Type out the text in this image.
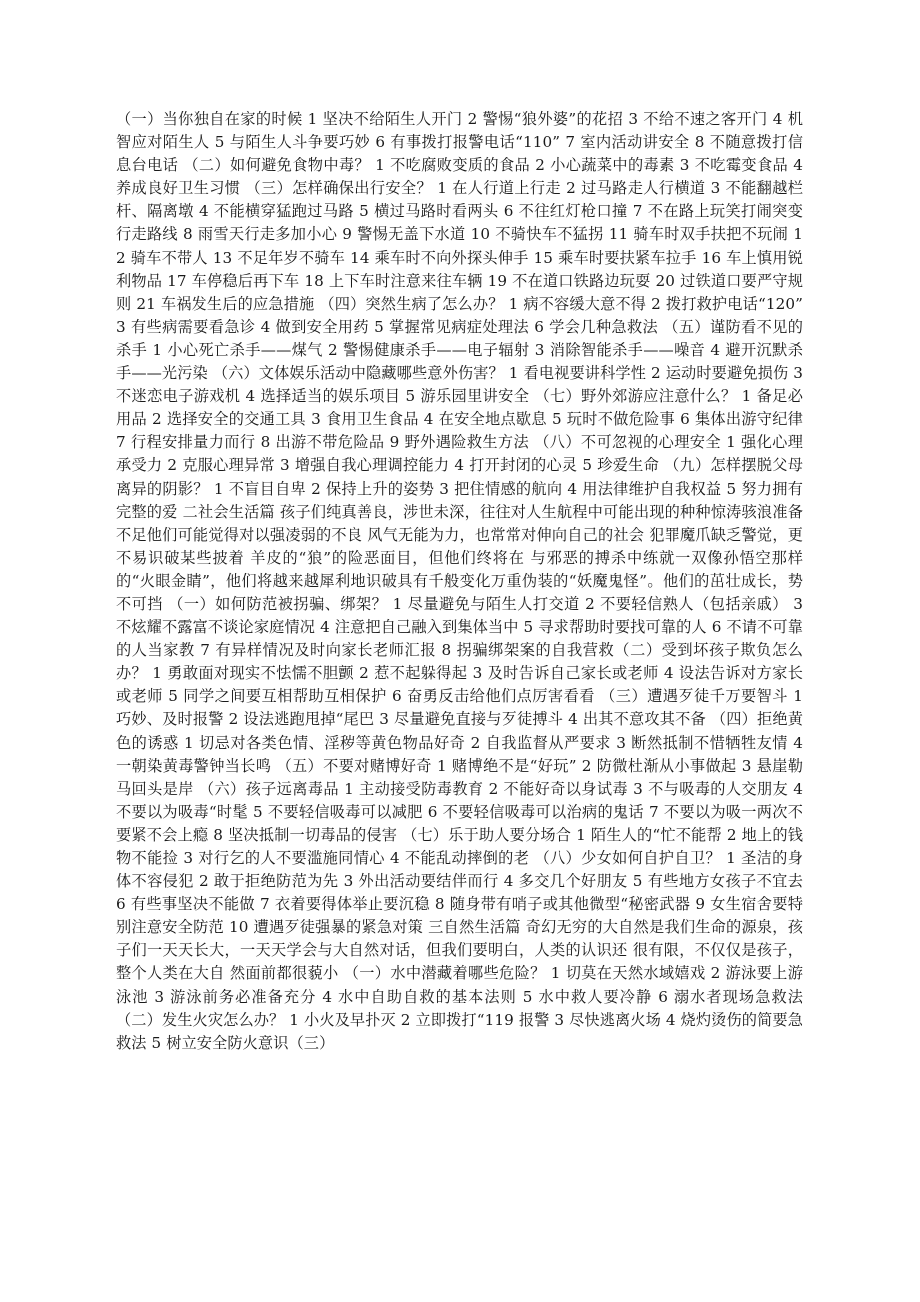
（一）当你独自在家的时候 1 坚决不给陌生人开门 2 警惕“狼外婆”的花招 3 不给不速之客开门 4 机智应对陌生人 5 与陌生人斗争要巧妙 6 有事拨打报警电话“110” 7 室内活动讲安全 8 不随意拨打信息台电话 （二）如何避免食物中毒？ 1 不吃腐败变质的食品 2 小心蔬菜中的毒素 3 不吃霉变食品 4 养成良好卫生习惯 （三）怎样确保出行安全？ 1 在人行道上行走 2 过马路走人行横道 3 不能翻越栏杆、隔离墩 4 不能横穿猛跑过马路 5 横过马路时看两头 6 不往红灯枪口撞 7 不在路上玩笑打闹突变行走路线 8 雨雪天行走多加小心 9 警惕无盖下水道 10 不骑快车不猛拐 11 骑车时双手扶把不玩闹 12 骑车不带人 13 不足年岁不骑车 14 乘车时不向外探头伸手 15 乘车时要扶紧车拉手 16 车上慎用锐利物品 17 车停稳后再下车 18 上下车时注意来往车辆 19 不在道口铁路边玩耍 20 过铁道口要严守规则 21 车祸发生后的应急措施 （四）突然生病了怎么办？ 1 病不容缓大意不得 2 拨打救护电话“120” 3 有些病需要看急诊 4 做到安全用药 5 掌握常见病症处理法 6 学会几种急救法 （五）谨防看不见的杀手 1 小心死亡杀手——煤气 2 警惕健康杀手——电子辐射 3 消除智能杀手——噪音 4 避开沉默杀手——光污染 （六）文体娱乐活动中隐藏哪些意外伤害？ 1 看电视要讲科学性 2 运动时要避免损伤 3 不迷恋电子游戏机 4 选择适当的娱乐项目 5 游乐园里讲安全 （七）野外郊游应注意什么？ 1 备足必用品 2 选择安全的交通工具 3 食用卫生食品 4 在安全地点歇息 5 玩时不做危险事 6 集体出游守纪律 7 行程安排量力而行 8 出游不带危险品 9 野外遇险救生方法 （八）不可忽视的心理安全 1 强化心理承受力 2 克服心理异常 3 增强自我心理调控能力 4 打开封闭的心灵 5 珍爱生命 （九）怎样摆脱父母离异的阴影？ 1 不盲目自卑 2 保持上升的姿势 3 把住情感的航向 4 用法律维护自我权益 5 努力拥有完整的爱 二社会生活篇 孩子们纯真善良，涉世未深，往往对人生航程中可能出现的种种惊涛骇浪准备不足他们可能觉得对以强凌弱的不良 风气无能为力，也常常对伸向自己的社会 犯罪魔爪缺乏警觉，更不易识破某些披着 羊皮的“狼”的险恶面目，但他们终将在 与邪恶的搏杀中练就一双像孙悟空那样 的“火眼金睛”，他们将越来越犀利地识破具有千般变化万重伪装的“妖魔鬼怪”。他们的茁壮成长，势不可挡 （一）如何防范被拐骗、绑架？ 1 尽量避免与陌生人打交道 2 不要轻信熟人（包括亲戚） 3 不炫耀不露富不谈论家庭情况 4 注意把自己融入到集体当中 5 寻求帮助时要找可靠的人 6 不请不可靠的人当家教 7 有异样情况及时向家长老师汇报 8 拐骗绑架案的自我营救（二）受到坏孩子欺负怎么办？ 1 勇敢面对现实不怯懦不胆颤 2 惹不起躲得起 3 及时告诉自己家长或老师 4 设法告诉对方家长或老师 5 同学之间要互相帮助互相保护 6 奋勇反击给他们点厉害看看 （三）遭遇歹徒千万要智斗 1 巧妙、及时报警 2 设法逃跑甩掉“尾巴 3 尽量避免直接与歹徒搏斗 4 出其不意攻其不备 （四）拒绝黄色的诱惑 1 切忌对各类色情、淫秽等黄色物品好奇 2 自我监督从严要求 3 断然抵制不惜牺牲友情 4 一朝染黄毒警钟当长鸣 （五）不要对赌博好奇 1 赌博绝不是“好玩” 2 防微杜渐从小事做起 3 悬崖勒马回头是岸 （六）孩子远离毒品 1 主动接受防毒教育 2 不能好奇以身试毒 3 不与吸毒的人交朋友 4 不要以为吸毒“时髦 5 不要轻信吸毒可以减肥 6 不要轻信吸毒可以治病的鬼话 7 不要以为吸一两次不要紧不会上瘾 8 坚决抵制一切毒品的侵害 （七）乐于助人要分场合 1 陌生人的“忙不能帮 2 地上的钱物不能捡 3 对行乞的人不要滥施同情心 4 不能乱动摔倒的老 （八）少女如何自护自卫？ 1 圣洁的身体不容侵犯 2 敢于拒绝防范为先 3 外出活动要结伴而行 4 多交几个好朋友 5 有些地方女孩子不宜去 6 有些事坚决不能做 7 衣着要得体举止要沉稳 8 随身带有哨子或其他微型“秘密武器 9 女生宿舍要特别注意安全防范 10 遭遇歹徒强暴的紧急对策 三自然生活篇 奇幻无穷的大自然是我们生命的源泉，孩子们一天天长大，一天天学会与大自然对话，但我们要明白，人类的认识还 很有限，不仅仅是孩子，整个人类在大自 然面前都很藐小 （一）水中潜藏着哪些危险？ 1 切莫在天然水域嬉戏 2 游泳要上游泳池 3 游泳前务必准备充分 4 水中自助自救的基本法则 5 水中救人要冷静 6 溺水者现场急救法 （二）发生火灾怎么办？ 1 小火及早扑灭 2 立即拨打“119 报警 3 尽快逃离火场 4 烧灼烫伤的简要急救法 5 树立安全防火意识（三）
